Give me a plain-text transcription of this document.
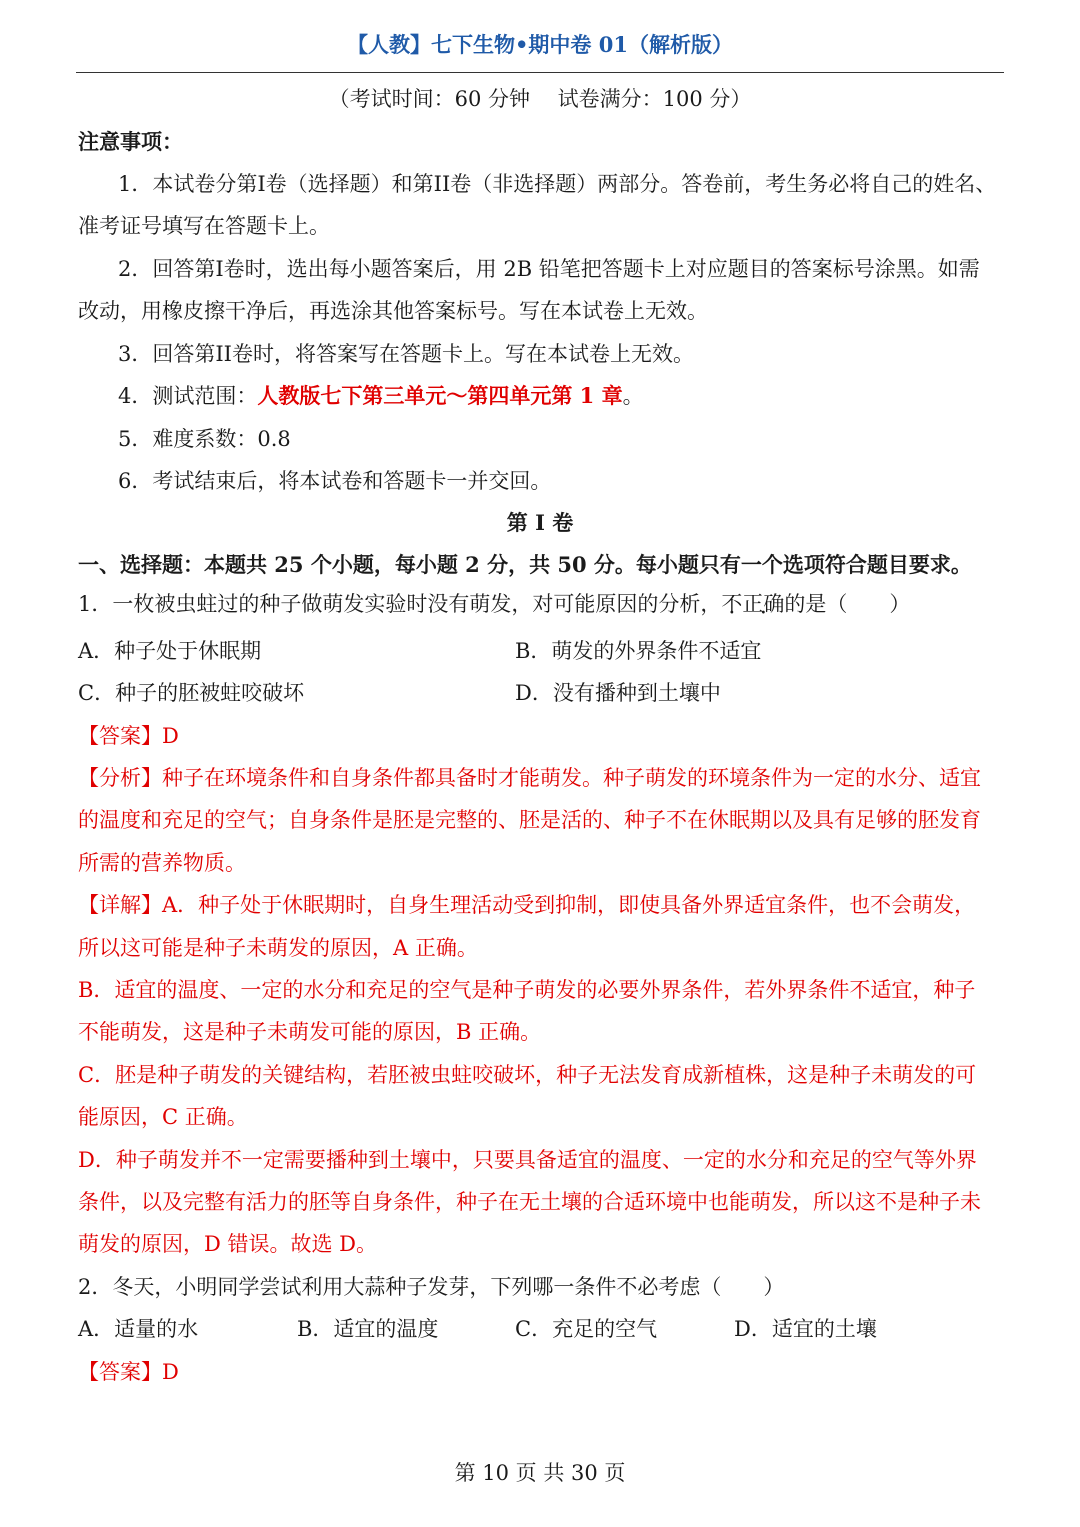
【人教】七下生物•期中卷 01（解析版）
（考试时间：60 分钟　 试卷满分：100 分）
注意事项：
1．本试卷分第I卷（选择题）和第II卷（非选择题）两部分。答卷前，考生务必将自己的姓名、
准考证号填写在答题卡上。
2．回答第I卷时，选出每小题答案后，用 2B 铅笔把答题卡上对应题目的答案标号涂黑。如需
改动，用橡皮擦干净后，再选涂其他答案标号。写在本试卷上无效。
3．回答第II卷时，将答案写在答题卡上。写在本试卷上无效。
4．测试范围：人教版七下第三单元～第四单元第 1 章。
5．难度系数：0.8
6．考试结束后，将本试卷和答题卡一并交回。
第 I 卷
一、选择题：本题共 25 个小题，每小题 2 分，共 50 分。每小题只有一个选项符合题目要求。
1．一枚被虫蛀过的种子做萌发实验时没有萌发，对可能原因的分析，不正确的是（　　）
A．种子处于休眠期	B．萌发的外界条件不适宜
C．种子的胚被蛀咬破坏	D．没有播种到土壤中
【答案】D
【分析】种子在环境条件和自身条件都具备时才能萌发。种子萌发的环境条件为一定的水分、适宜
的温度和充足的空气；自身条件是胚是完整的、胚是活的、种子不在休眠期以及具有足够的胚发育
所需的营养物质。
【详解】A．种子处于休眠期时，自身生理活动受到抑制，即使具备外界适宜条件，也不会萌发，
所以这可能是种子未萌发的原因，A 正确。
B．适宜的温度、一定的水分和充足的空气是种子萌发的必要外界条件，若外界条件不适宜，种子
不能萌发，这是种子未萌发可能的原因，B 正确。
C．胚是种子萌发的关键结构，若胚被虫蛀咬破坏，种子无法发育成新植株，这是种子未萌发的可
能原因，C 正确。
D．种子萌发并不一定需要播种到土壤中，只要具备适宜的温度、一定的水分和充足的空气等外界
条件，以及完整有活力的胚等自身条件，种子在无土壤的合适环境中也能萌发，所以这不是种子未
萌发的原因，D 错误。故选 D。
2．冬天，小明同学尝试利用大蒜种子发芽，下列哪一条件不必考虑（　　）
A．适量的水	B．适宜的温度	C．充足的空气	D．适宜的土壤
【答案】D
第 10 页 共 30 页
